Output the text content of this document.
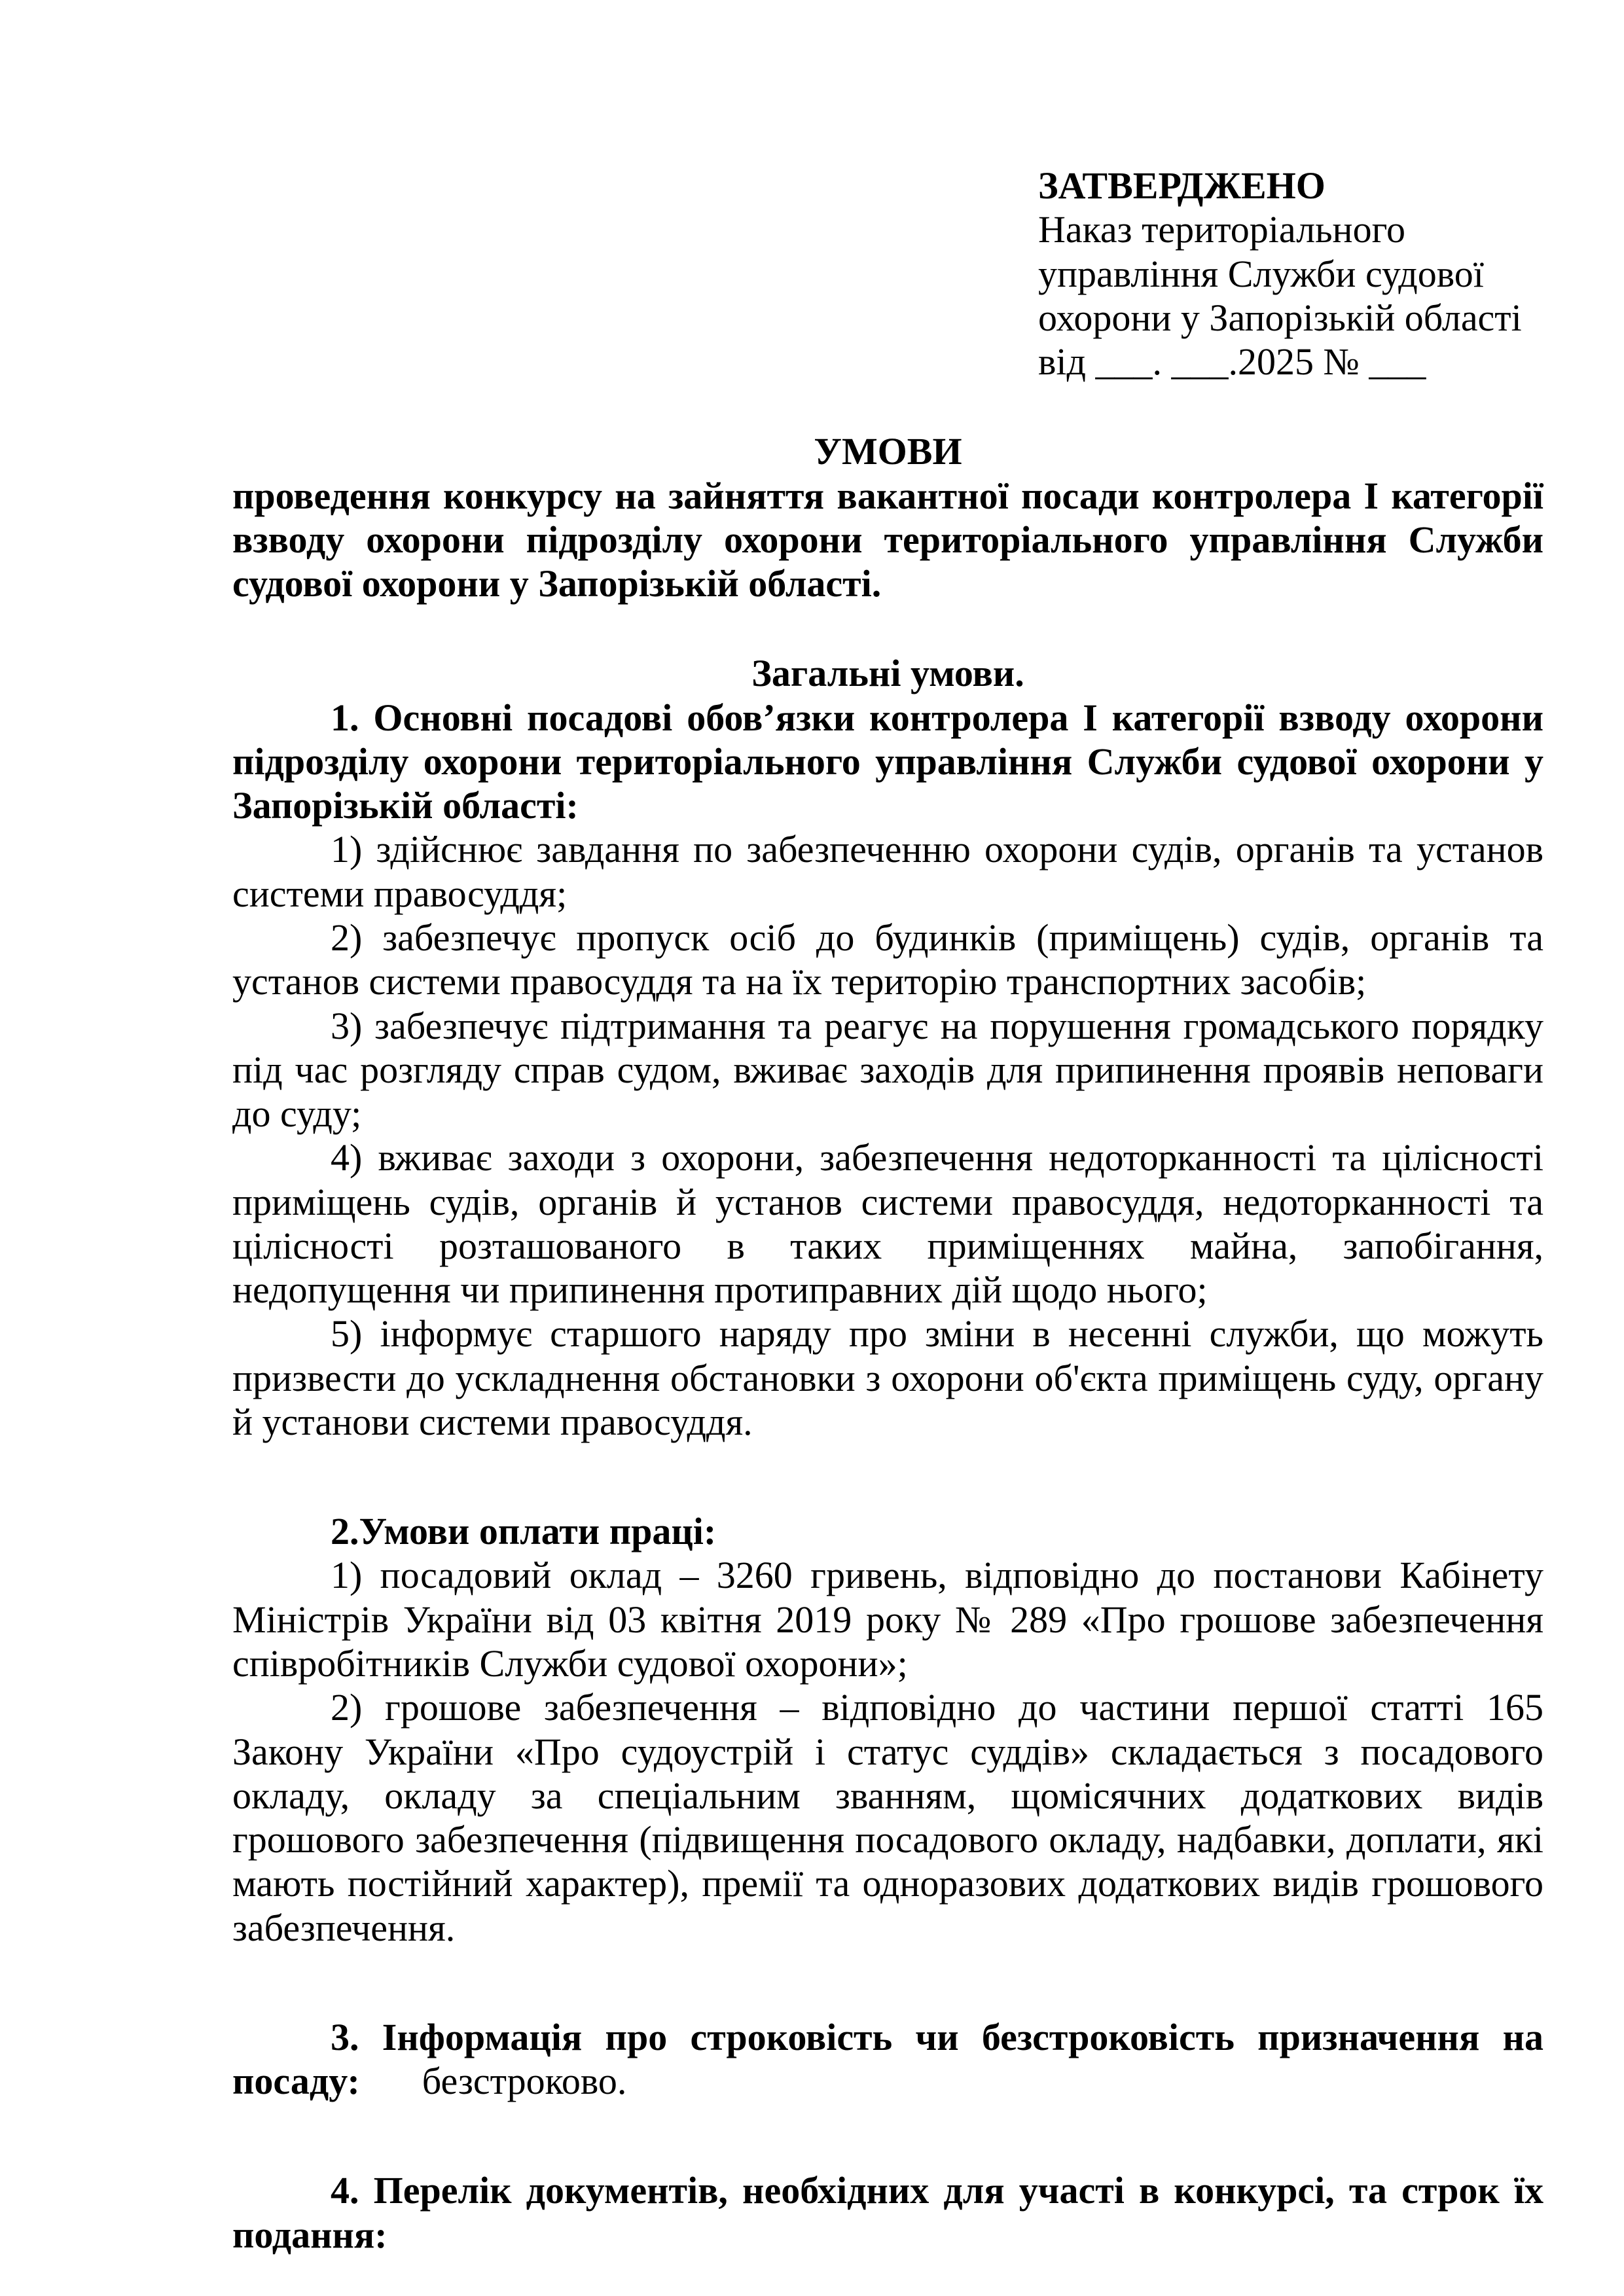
ЗАТВЕРДЖЕНО
Наказ територіального
управління Служби судової
охорони у Запорізькій області
від ___. ___.2025 № ___
УМОВИ

проведення конкурсу на зайняття вакантної посади контролера І категорії взводу охорони підрозділу охорони територіального управління Служби судової охорони у Запорізькій області.

Загальні умови.

1. Основні посадові обов’язки контролера І категорії взводу охорони підрозділу охорони територіального управління Служби судової охорони у Запорізькій області:

1) здійснює завдання по забезпеченню охорони судів, органів та установ системи правосуддя;

2) забезпечує пропуск осіб до будинків (приміщень) судів, органів та установ системи правосуддя та на їх територію транспортних засобів;

3) забезпечує підтримання та реагує на порушення громадського порядку під час розгляду справ судом, вживає заходів для припинення проявів неповаги до суду;

4) вживає заходи з охорони, забезпечення недоторканності та цілісності приміщень судів, органів й установ системи правосуддя, недоторканності та цілісності розташованого в таких приміщеннях майна, запобігання, недопущення чи припинення протиправних дій щодо нього;

5) інформує старшого наряду про зміни в несенні служби, що можуть призвести до ускладнення обстановки з охорони об'єкта приміщень суду, органу й установи системи правосуддя.

2.Умови оплати праці:

1) посадовий оклад – 3260 гривень, відповідно до постанови Кабінету Міністрів України від 03 квітня 2019 року № 289 «Про грошове забезпечення співробітників Служби судової охорони»;

2) грошове забезпечення – відповідно до частини першої статті 165 Закону України «Про судоустрій і статус суддів» складається з посадового окладу, окладу за спеціальним званням, щомісячних додаткових видів грошового забезпечення (підвищення посадового окладу, надбавки, доплати, які мають постійний характер), премії та одноразових додаткових видів грошового забезпечення.

3. Інформація про строковість чи безстроковість призначення на посаду: безстроково.

4. Перелік документів, необхідних для участі в конкурсі, та строк їх подання:
